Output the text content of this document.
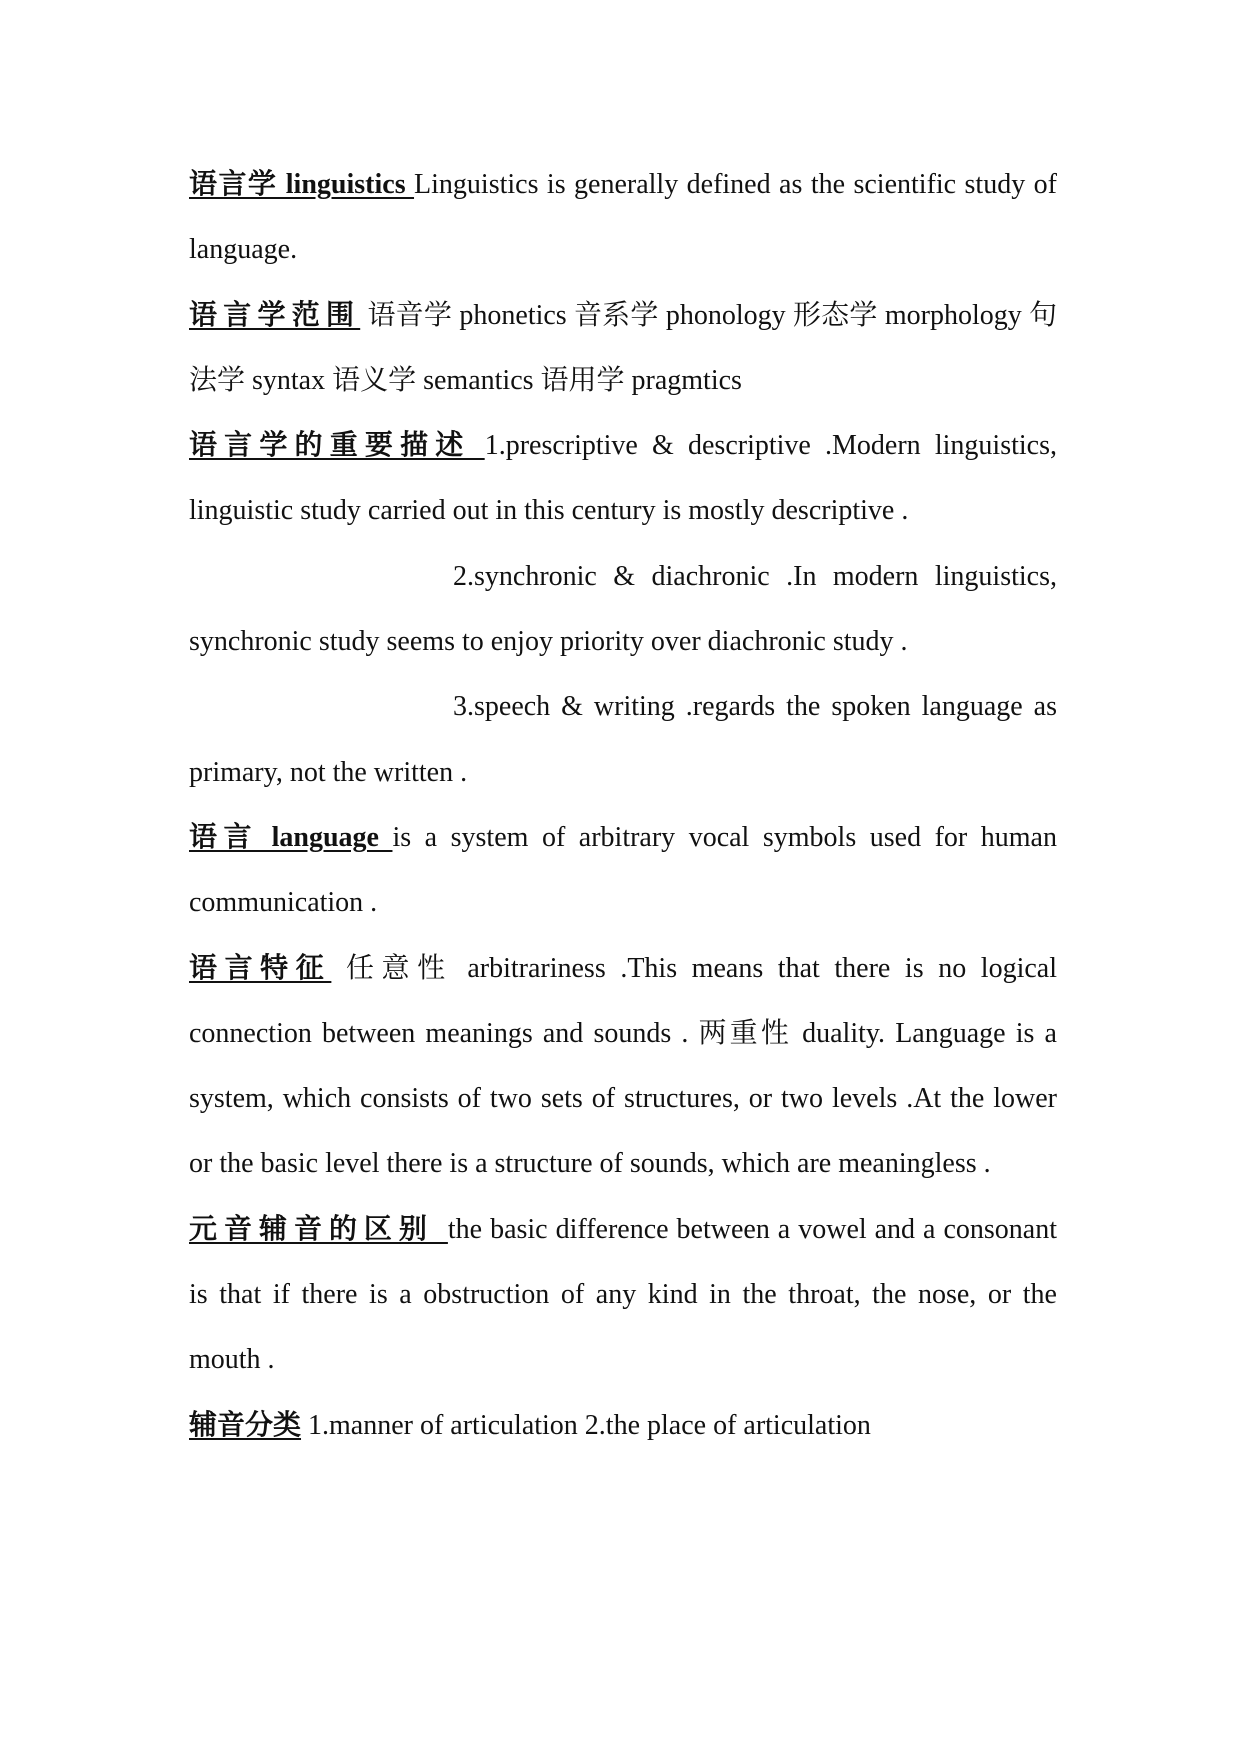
语言学 linguistics Linguistics is generally defined as the scientific study of language.

语言学范围 语音学 phonetics 音系学 phonology 形态学 morphology 句法学 syntax 语义学 semantics 语用学 pragmtics

语言学的重要描述 1.prescriptive & descriptive .Modern linguistics, linguistic study carried out in this century is mostly descriptive .

2.synchronic & diachronic .In modern linguistics, synchronic study seems to enjoy priority over diachronic study .

3.speech & writing .regards the spoken language as primary, not the written .

语言 language is a system of arbitrary vocal symbols used for human communication .

语言特征 任意性 arbitrariness .This means that there is no logical connection between meanings and sounds . 两重性 duality. Language is a system, which consists of two sets of structures, or two levels .At the lower or the basic level there is a structure of sounds, which are meaningless .

元音辅音的区别 the basic difference between a vowel and a consonant is that if there is a obstruction of any kind in the throat, the nose, or the mouth .

辅音分类 1.manner of articulation 2.the place of articulation
